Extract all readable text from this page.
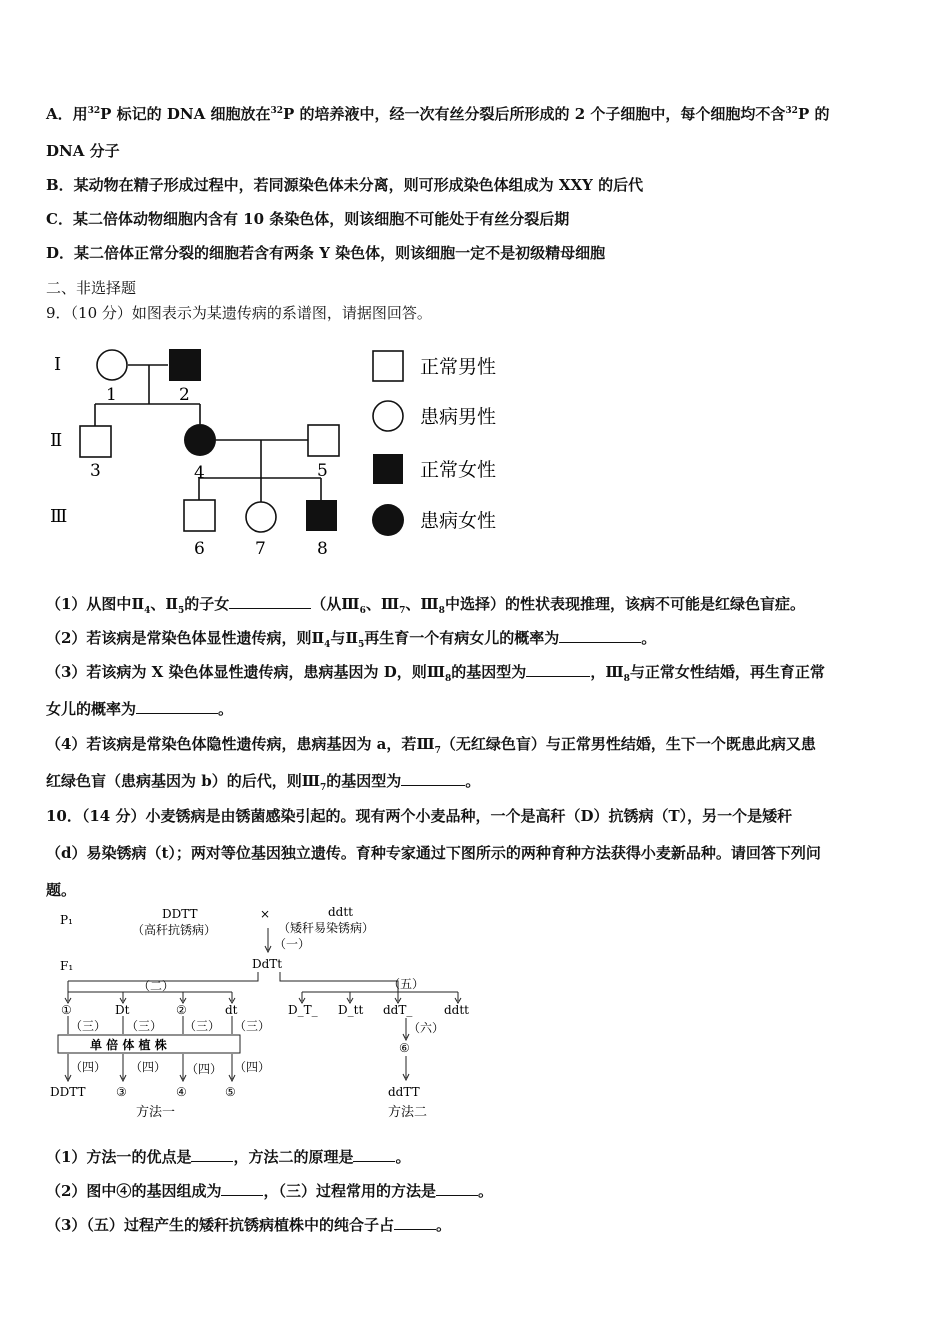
A．用$^{32}$P 标记的 DNA 细胞放在$^{32}$P 的培养液中，经一次有丝分裂后所形成的 2 个子细胞中，每个细胞均不含$^{32}$P 的
DNA 分子
B．某动物在精子形成过程中，若同源染色体未分离，则可形成染色体组成为 XXY 的后代
C．某二倍体动物细胞内含有 10 条染色体，则该细胞不可能处于有丝分裂后期
D．某二倍体正常分裂的细胞若含有两条 Y 染色体，则该细胞一定不是初级精母细胞
二、非选择题
9．（10 分）如图表示为某遗传病的系谱图，请据图回答。
I
Ⅱ
Ⅲ
1	2
3	4	5
6	7	8
正常男性
患病男性
正常女性
患病女性
（1）从图中$Ⅱ_4$、$Ⅱ_5$的子女	（从$Ⅲ_6$、$Ⅲ_7$、$Ⅲ_8$中选择）的性状表现推理，该病不可能是红绿色盲症。
（2）若该病是常染色体显性遗传病，则$Ⅱ_4$与$Ⅱ_5$再生育一个有病女儿的概率为	。
（3）若该病为 X 染色体显性遗传病，患病基因为 D，则$Ⅲ_8$的基因型为	，$Ⅲ_8$与正常女性结婚，再生育正常
女儿的概率为	。
（4）若该病是常染色体隐性遗传病，患病基因为 a，若$Ⅲ_7$（无红绿色盲）与正常男性结婚，生下一个既患此病又患
红绿色盲（患病基因为 b）的后代，则$Ⅲ_7$的基因型为	。
10．（14 分）小麦锈病是由锈菌感染引起的。现有两个小麦品种，一个是高秆（D）抗锈病（T），另一个是矮秆
（d）易染锈病（t）；两对等位基因独立遗传。育种专家通过下图所示的两种育种方法获得小麦新品种。请回答下列问
题。
P₁
F₁
DDTT
（高秆抗锈病）
×	ddtt
（矮秆易染锈病）
（一）
DdTt
（二）	（五）
①	Dt	②	dt
（三） （三） （三） （三）
单 倍 体 植 株
（四） （四） （四） （四）
DDTT	③	④	⑤
D_T_ D_tt ddT_	ddtt
（六）
⑥
ddTT
方法一	方法二
（1）方法一的优点是	，方法二的原理是	。
（2）图中④的基因组成为	，（三）过程常用的方法是	。
（3）（五）过程产生的矮秆抗锈病植株中的纯合子占	。
